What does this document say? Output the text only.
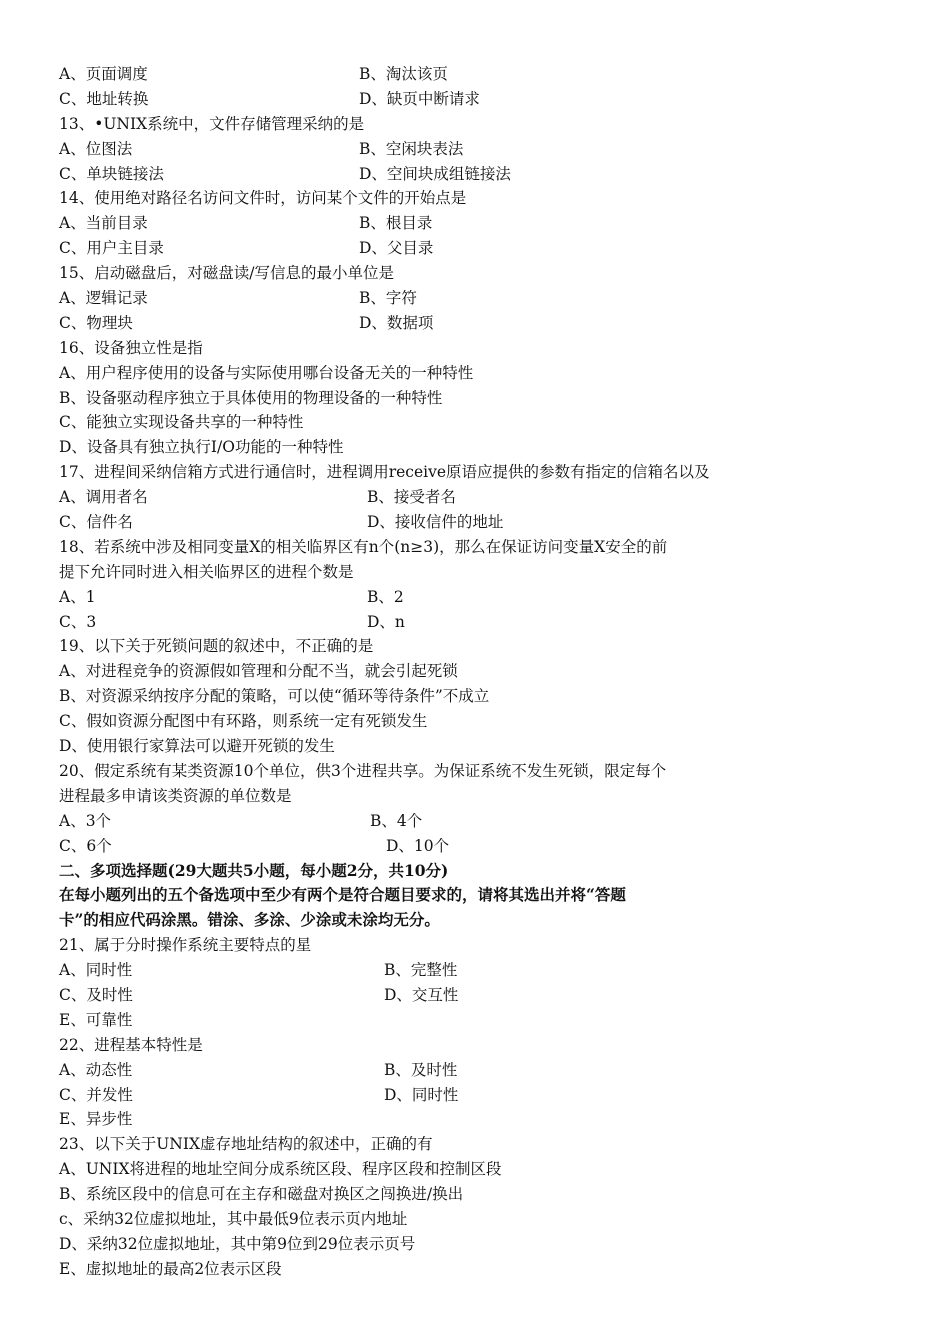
A、页面调度	B、淘汰该页
C、地址转换	D、缺页中断请求
13、•UNIX系统中，文件存储管理采纳的是
A、位图法	B、空闲块表法
C、单块链接法	D、空间块成组链接法
14、使用绝对路径名访问文件时，访问某个文件的开始点是
A、当前目录	B、根目录
C、用户主目录	D、父目录
15、启动磁盘后，对磁盘读/写信息的最小单位是
A、逻辑记录	B、字符
C、物理块	D、数据项
16、设备独立性是指
A、用户程序使用的设备与实际使用哪台设备无关的一种特性
B、设备驱动程序独立于具体使用的物理设备的一种特性
C、能独立实现设备共享的一种特性
D、设备具有独立执行I/O功能的一种特性
17、进程间采纳信箱方式进行通信时，进程调用receive原语应提供的参数有指定的信箱名以及
A、调用者名	B、接受者名
C、信件名	D、接收信件的地址
18、若系统中涉及相同变量X的相关临界区有n个(n≥3)，那么在保证访问变量X安全的前
提下允许同时进入相关临界区的进程个数是
A、1	B、2
C、3	D、n
19、以下关于死锁问题的叙述中，不正确的是
A、对进程竞争的资源假如管理和分配不当，就会引起死锁
B、对资源采纳按序分配的策略，可以使“循环等待条件”不成立
C、假如资源分配图中有环路，则系统一定有死锁发生
D、使用银行家算法可以避开死锁的发生
20、假定系统有某类资源10个单位，供3个进程共享。为保证系统不发生死锁，限定每个
进程最多申请该类资源的单位数是
A、3个	B、4个
C、6个	D、10个
二、多项选择题(29大题共5小题，每小题2分，共10分)
在每小题列出的五个备选项中至少有两个是符合题目要求的，请将其选出并将“答题
卡”的相应代码涂黑。错涂、多涂、少涂或未涂均无分。
21、属于分时操作系统主要特点的星
A、同时性	B、完整性
C、及时性	D、交互性
E、可靠性
22、进程基本特性是
A、动态性	B、及时性
C、并发性	D、同时性
E、异步性
23、以下关于UNIX虚存地址结构的叙述中，正确的有
A、UNIX将进程的地址空间分成系统区段、程序区段和控制区段
B、系统区段中的信息可在主存和磁盘对换区之闯换进/换出
c、采纳32位虚拟地址，其中最低9位表示页内地址
D、采纳32位虚拟地址，其中第9位到29位表示页号
E、虚拟地址的最高2位表示区段
